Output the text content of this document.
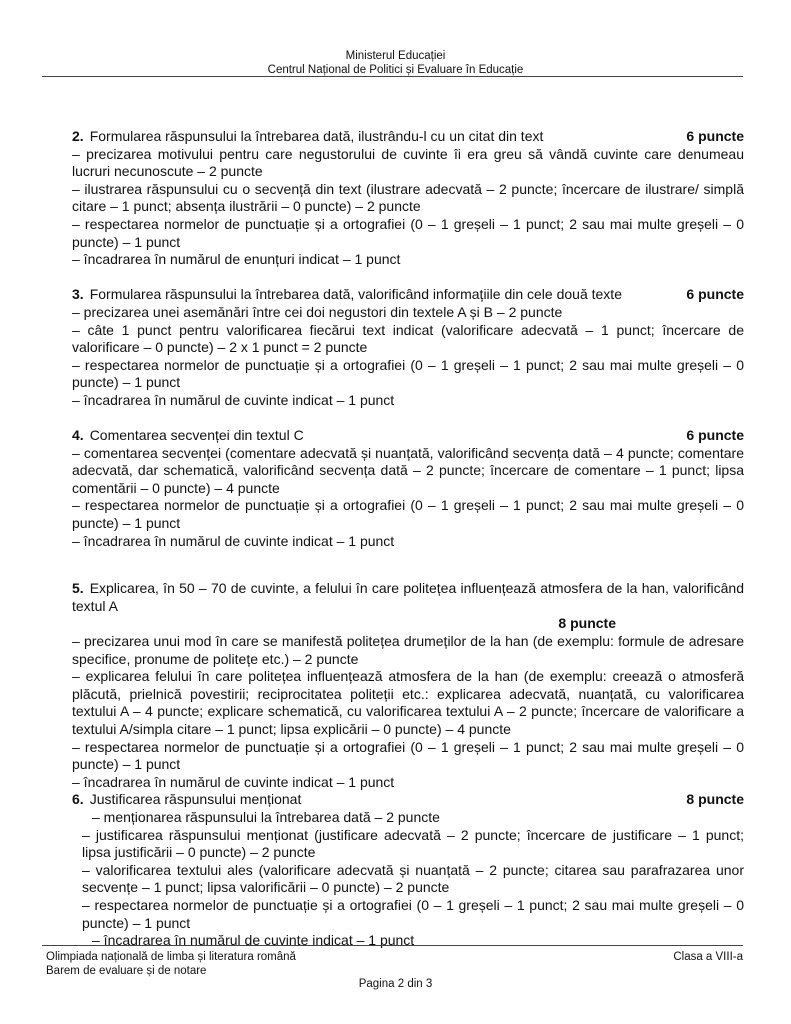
Ministerul Educației
Centrul Național de Politici și Evaluare în Educație
2. Formularea răspunsului la întrebarea dată, ilustrându-l cu un citat din text	6 puncte
– precizarea motivului pentru care negustorului de cuvinte îi era greu să vândă cuvinte care denumeau lucruri necunoscute – 2 puncte
– ilustrarea răspunsului cu o secvență din text (ilustrare adecvată – 2 puncte; încercare de ilustrare/ simplă citare – 1 punct; absența ilustrării – 0 puncte) – 2 puncte
– respectarea normelor de punctuație și a ortografiei (0 – 1 greșeli – 1 punct; 2 sau mai multe greșeli – 0 puncte) – 1 punct
– încadrarea în numărul de enunțuri indicat – 1 punct
3. Formularea răspunsului la întrebarea dată, valorificând informațiile din cele două texte	6 puncte
– precizarea unei asemănări între cei doi negustori din textele A și B – 2 puncte
– câte 1 punct pentru valorificarea fiecărui text indicat (valorificare adecvată – 1 punct; încercare de valorificare – 0 puncte) – 2 x 1 punct = 2 puncte
– respectarea normelor de punctuație și a ortografiei (0 – 1 greșeli – 1 punct; 2 sau mai multe greșeli – 0 puncte) – 1 punct
– încadrarea în numărul de cuvinte indicat – 1 punct
4. Comentarea secvenței din textul C	6 puncte
– comentarea secvenței (comentare adecvată și nuanțată, valorificând secvența dată – 4 puncte; comentare adecvată, dar schematică, valorificând secvența dată – 2 puncte; încercare de comentare – 1 punct; lipsa comentării – 0 puncte) – 4 puncte
– respectarea normelor de punctuație și a ortografiei (0 – 1 greșeli – 1 punct; 2 sau mai multe greșeli – 0 puncte) – 1 punct
– încadrarea în numărul de cuvinte indicat – 1 punct
5. Explicarea, în 50 – 70 de cuvinte, a felului în care politețea influențează atmosfera de la han, valorificând textul A
8 puncte
– precizarea unui mod în care se manifestă politețea drumeților de la han (de exemplu: formule de adresare specifice, pronume de politețe etc.) – 2 puncte
– explicarea felului în care politețea influențează atmosfera de la han (de exemplu: creează o atmosferă plăcută, prielnică povestirii; reciprocitatea politeții etc.: explicarea adecvată, nuanțată, cu valorificarea textului A – 4 puncte; explicare schematică, cu valorificarea textului A – 2 puncte; încercare de valorificare a textului A/simpla citare – 1 punct; lipsa explicării – 0 puncte) – 4 puncte
– respectarea normelor de punctuație și a ortografiei (0 – 1 greșeli – 1 punct; 2 sau mai multe greșeli – 0 puncte) – 1 punct
– încadrarea în numărul de cuvinte indicat – 1 punct
6. Justificarea răspunsului menționat	8 puncte
– menționarea răspunsului la întrebarea dată – 2 puncte
– justificarea răspunsului menționat (justificare adecvată – 2 puncte; încercare de justificare – 1 punct; lipsa justificării – 0 puncte) – 2 puncte
– valorificarea textului ales (valorificare adecvată și nuanțată – 2 puncte; citarea sau parafrazarea unor secvențe – 1 punct; lipsa valorificării – 0 puncte) – 2 puncte
– respectarea normelor de punctuație și a ortografiei (0 – 1 greșeli – 1 punct; 2 sau mai multe greșeli – 0 puncte) – 1 punct
– încadrarea în numărul de cuvinte indicat – 1 punct
Olimpiada națională de limba și literatura română
Barem de evaluare și de notare
Clasa a VIII-a
Pagina 2 din 3
